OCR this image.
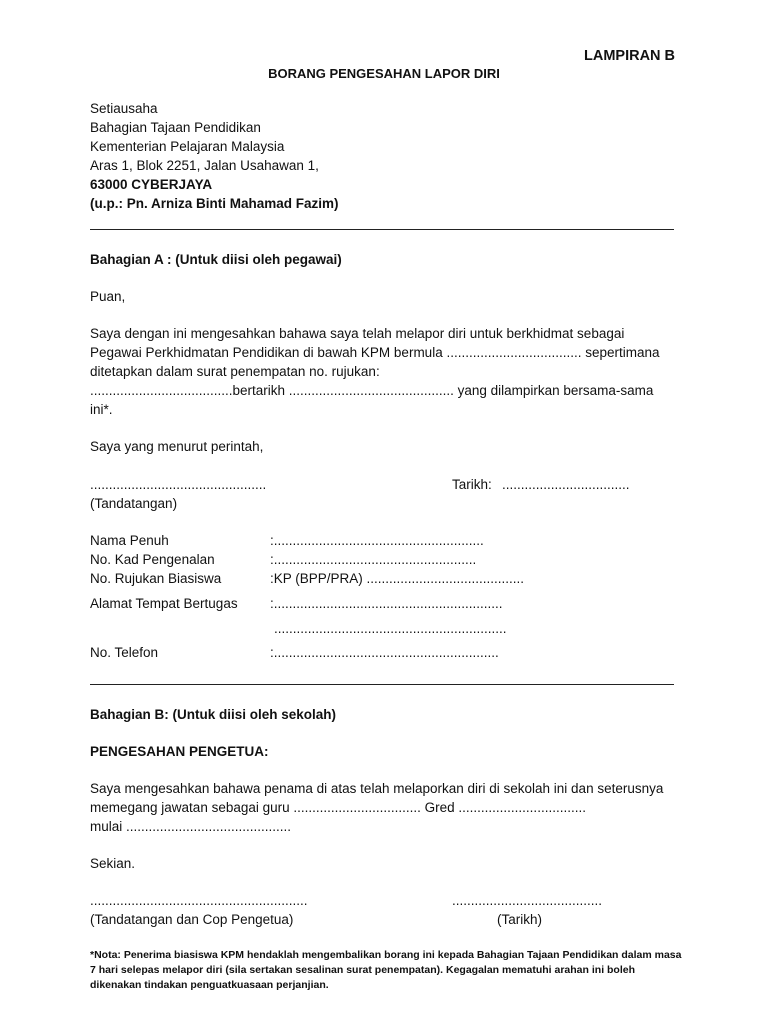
LAMPIRAN B
BORANG PENGESAHAN LAPOR DIRI
Setiausaha
Bahagian Tajaan Pendidikan
Kementerian Pelajaran Malaysia
Aras 1, Blok 2251, Jalan Usahawan 1,
63000 CYBERJAYA
(u.p.: Pn. Arniza Binti Mahamad Fazim)
Bahagian A : (Untuk diisi oleh pegawai)
Puan,
Saya dengan ini mengesahkan bahawa saya telah melapor diri untuk berkhidmat sebagai
Pegawai Perkhidmatan Pendidikan di bawah KPM bermula .................................... sepertimana
ditetapkan dalam surat penempatan no. rujukan:
......................................bertarikh ............................................ yang dilampirkan bersama-sama
ini*.
Saya yang menurut perintah,
...............................................	Tarikh: ..................................
(Tandatangan)
Nama Penuh	:........................................................
No. Kad Pengenalan	:......................................................
No. Rujukan Biasiswa	:KP (BPP/PRA) ..........................................
Alamat Tempat Bertugas :.............................................................
..............................................................
No. Telefon	:............................................................
Bahagian B: (Untuk diisi oleh sekolah)
PENGESAHAN PENGETUA:
Saya mengesahkan bahawa penama di atas telah melaporkan diri di sekolah ini dan seterusnya
memegang jawatan sebagai guru .................................. Gred ..................................
mulai ............................................
Sekian.
..........................................................	........................................
(Tandatangan dan Cop Pengetua)	(Tarikh)
*Nota: Penerima biasiswa KPM hendaklah mengembalikan borang ini kepada Bahagian Tajaan Pendidikan dalam masa 7 hari selepas melapor diri (sila sertakan sesalinan surat penempatan). Kegagalan mematuhi arahan ini boleh dikenakan tindakan penguatkuasaan perjanjian.
